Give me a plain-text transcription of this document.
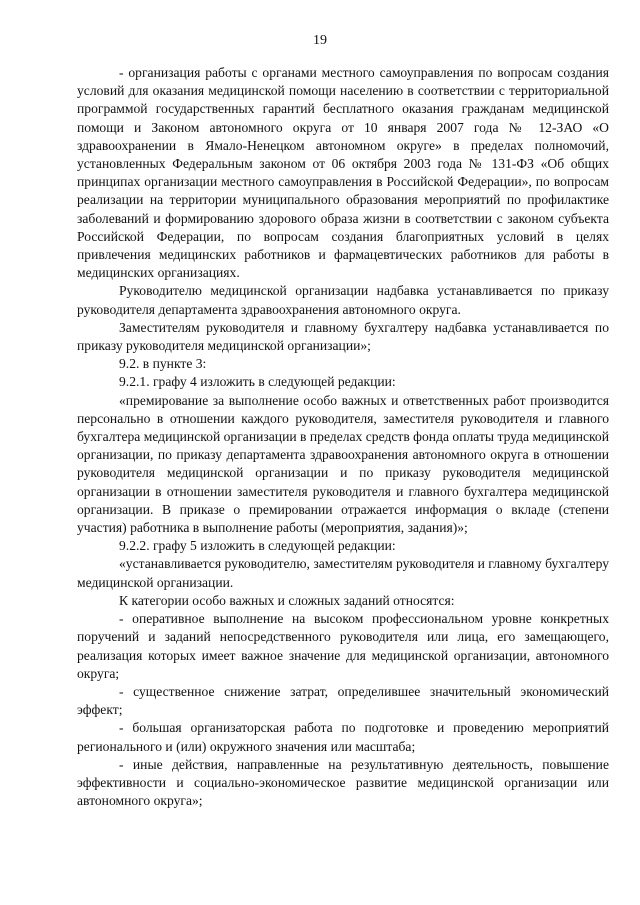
19

- организация работы с органами местного самоуправления по вопросам создания условий для оказания медицинской помощи населению в соответствии с территориальной программой государственных гарантий бесплатного оказания гражданам медицинской помощи и Законом автономного округа от 10 января 2007 года № 12-ЗАО «О здравоохранении в Ямало-Ненецком автономном округе» в пределах полномочий, установленных Федеральным законом от 06 октября 2003 года № 131-ФЗ «Об общих принципах организации местного самоуправления в Российской Федерации», по вопросам реализации на территории муниципального образования мероприятий по профилактике заболеваний и формированию здорового образа жизни в соответствии с законом субъекта Российской Федерации, по вопросам создания благоприятных условий в целях привлечения медицинских работников и фармацевтических работников для работы в медицинских организациях.

Руководителю медицинской организации надбавка устанавливается по приказу руководителя департамента здравоохранения автономного округа.

Заместителям руководителя и главному бухгалтеру надбавка устанавливается по приказу руководителя медицинской организации»;

9.2. в пункте 3:

9.2.1. графу 4 изложить в следующей редакции:

«премирование за выполнение особо важных и ответственных работ производится персонально в отношении каждого руководителя, заместителя руководителя и главного бухгалтера медицинской организации в пределах средств фонда оплаты труда медицинской организации, по приказу департамента здравоохранения автономного округа в отношении руководителя медицинской организации и по приказу руководителя медицинской организации в отношении заместителя руководителя и главного бухгалтера медицинской организации. В приказе о премировании отражается информация о вкладе (степени участия) работника в выполнение работы (мероприятия, задания)»;

9.2.2. графу 5 изложить в следующей редакции:

«устанавливается руководителю, заместителям руководителя и главному бухгалтеру медицинской организации.

К категории особо важных и сложных заданий относятся:

- оперативное выполнение на высоком профессиональном уровне конкретных поручений и заданий непосредственного руководителя или лица, его замещающего, реализация которых имеет важное значение для медицинской организации, автономного округа;

- существенное снижение затрат, определившее значительный экономический эффект;

- большая организаторская работа по подготовке и проведению мероприятий регионального и (или) окружного значения или масштаба;

- иные действия, направленные на результативную деятельность, повышение эффективности и социально-экономическое развитие медицинской организации или автономного округа»;
